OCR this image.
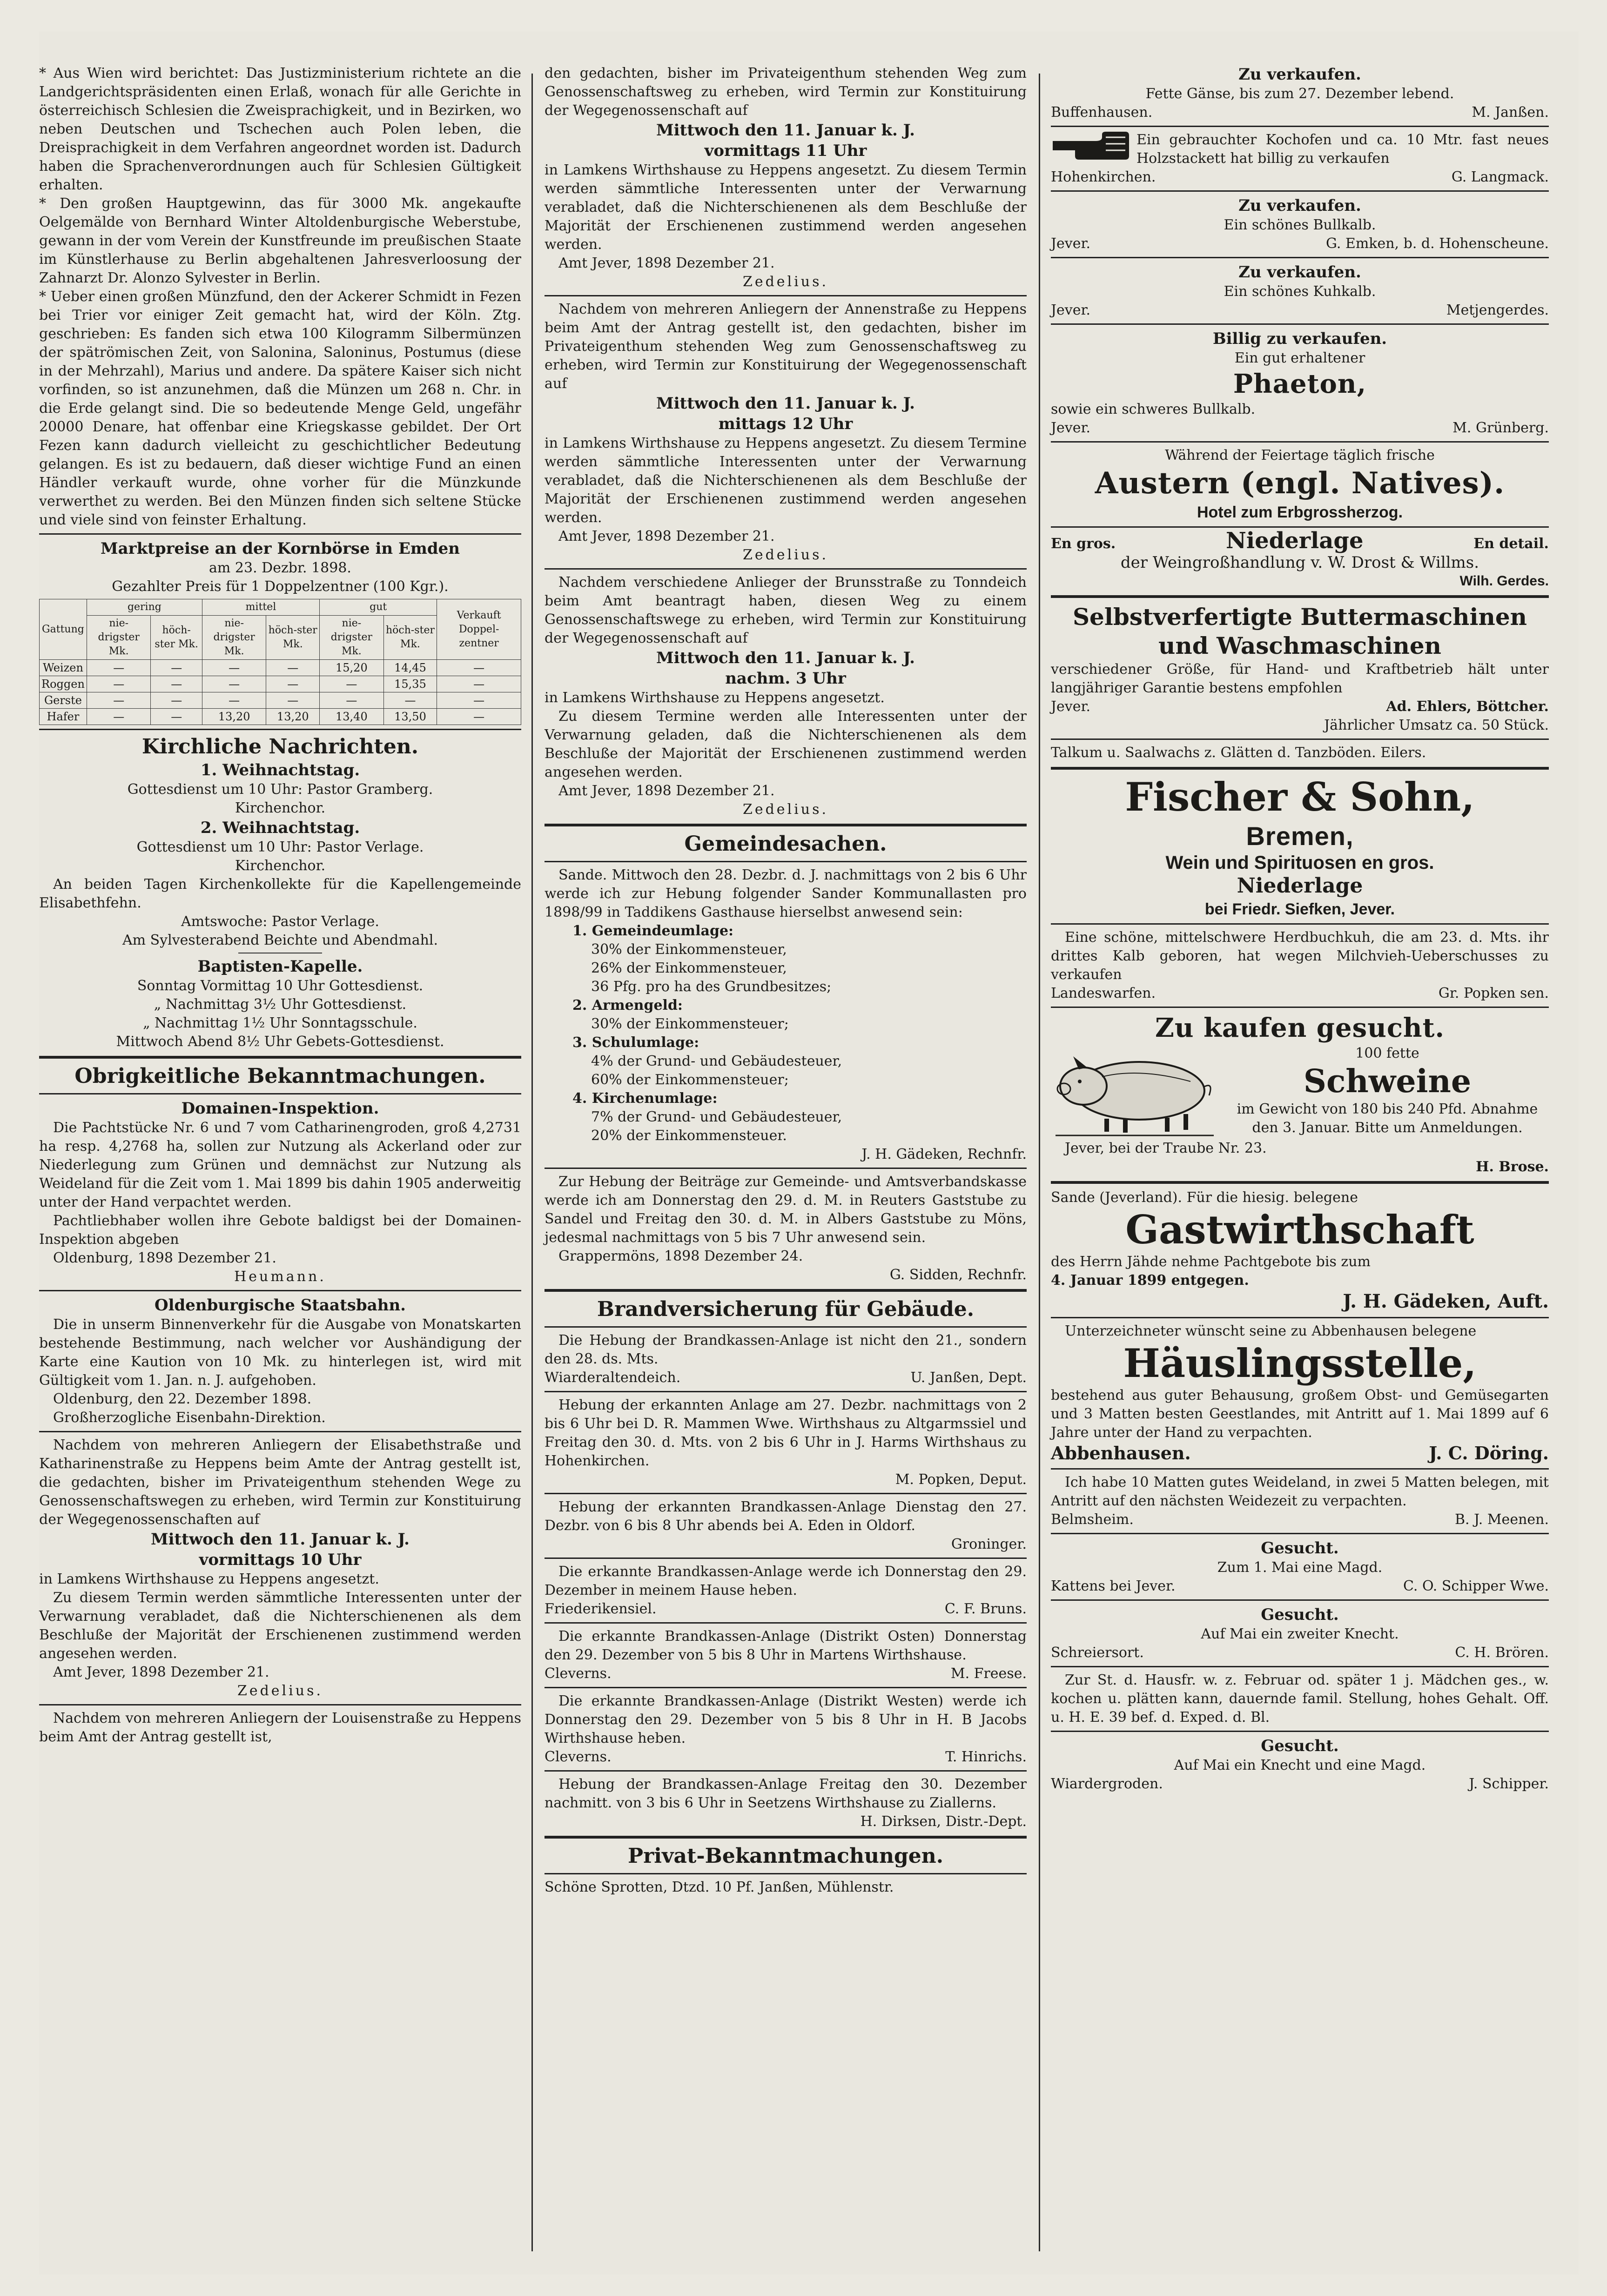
* Aus Wien wird berichtet: Das Justizministerium richtete an die Landgerichtspräsidenten einen Erlaß, wonach für alle Gerichte in österreichisch Schlesien die Zweisprachigkeit, und in Bezirken, wo neben Deutschen und Tschechen auch Polen leben, die Dreisprachigkeit in dem Verfahren angeordnet worden ist. Dadurch haben die Sprachenverordnungen auch für Schlesien Gültigkeit erhalten.

* Den großen Hauptgewinn, das für 3000 Mk. angekaufte Oelgemälde von Bernhard Winter Altoldenburgische Weberstube, gewann in der vom Verein der Kunstfreunde im preußischen Staate im Künstlerhause zu Berlin abgehaltenen Jahresverloosung der Zahnarzt Dr. Alonzo Sylvester in Berlin.

* Ueber einen großen Münzfund, den der Ackerer Schmidt in Fezen bei Trier vor einiger Zeit gemacht hat, wird der Köln. Ztg. geschrieben: Es fanden sich etwa 100 Kilogramm Silbermünzen der spätrömischen Zeit, von Salonina, Saloninus, Postumus (diese in der Mehrzahl), Marius und andere. Da spätere Kaiser sich nicht vorfinden, so ist anzunehmen, daß die Münzen um 268 n. Chr. in die Erde gelangt sind. Die so bedeutende Menge Geld, ungefähr 20000 Denare, hat offenbar eine Kriegskasse gebildet. Der Ort Fezen kann dadurch vielleicht zu geschichtlicher Bedeutung gelangen. Es ist zu bedauern, daß dieser wichtige Fund an einen Händler verkauft wurde, ohne vorher für die Münzkunde verwerthet zu werden. Bei den Münzen finden sich seltene Stücke und viele sind von feinster Erhaltung.

Marktpreise an der Kornbörse in Emden

am 23. Dezbr. 1898.

Gezahlter Preis für 1 Doppelzentner (100 Kgr.).

Gattung	gering		mittel		gut		Verkauft Doppel-zentner
	nie-drigster Mk.	höch-ster Mk.	nie-drigster Mk.	höch-ster Mk.	nie-drigster Mk.	höch-ster Mk.	
Weizen	—	—	—	—	15,20	14,45	—
Roggen	—	—	—	—	—	15,35	—
Gerste	—	—	—	—	—	—	—
Hafer	—	—	13,20	13,20	13,40	13,50	—

Kirchliche Nachrichten.

1. Weihnachtstag.

Gottesdienst um 10 Uhr: Pastor Gramberg.

Kirchenchor.

2. Weihnachtstag.

Gottesdienst um 10 Uhr: Pastor Verlage.

Kirchenchor.

An beiden Tagen Kirchenkollekte für die Kapellengemeinde Elisabethfehn.

Amtswoche: Pastor Verlage.

Am Sylvesterabend Beichte und Abendmahl.

Baptisten-Kapelle.

Sonntag Vormittag 10 Uhr Gottesdienst.

„ Nachmittag 3½ Uhr Gottesdienst.

„ Nachmittag 1½ Uhr Sonntagsschule.

Mittwoch Abend 8½ Uhr Gebets-Gottesdienst.

Obrigkeitliche Bekanntmachungen.

Domainen-Inspektion.

Die Pachtstücke Nr. 6 und 7 vom Catharinengroden, groß 4,2731 ha resp. 4,2768 ha, sollen zur Nutzung als Ackerland oder zur Niederlegung zum Grünen und demnächst zur Nutzung als Weideland für die Zeit vom 1. Mai 1899 bis dahin 1905 anderweitig unter der Hand verpachtet werden.

Pachtliebhaber wollen ihre Gebote baldigst bei der Domainen-Inspektion abgeben

Oldenburg, 1898 Dezember 21.

Heumann.

Oldenburgische Staatsbahn.

Die in unserm Binnenverkehr für die Ausgabe von Monatskarten bestehende Bestimmung, nach welcher vor Aushändigung der Karte eine Kaution von 10 Mk. zu hinterlegen ist, wird mit Gültigkeit vom 1. Jan. n. J. aufgehoben.

Oldenburg, den 22. Dezember 1898.

Großherzogliche Eisenbahn-Direktion.

Nachdem von mehreren Anliegern der Elisabethstraße und Katharinenstraße zu Heppens beim Amte der Antrag gestellt ist, die gedachten, bisher im Privateigenthum stehenden Wege zu Genossenschaftswegen zu erheben, wird Termin zur Konstituirung der Wegegenossenschaften auf

Mittwoch den 11. Januar k. J.

vormittags 10 Uhr

in Lamkens Wirthshause zu Heppens angesetzt.

Zu diesem Termin werden sämmtliche Interessenten unter der Verwarnung verabladet, daß die Nichterschienenen als dem Beschluße der Majorität der Erschienenen zustimmend werden angesehen werden.

Amt Jever, 1898 Dezember 21.

Zedelius.

Nachdem von mehreren Anliegern der Louisenstraße zu Heppens beim Amt der Antrag gestellt ist,

den gedachten, bisher im Privateigenthum stehenden Weg zum Genossenschaftsweg zu erheben, wird Termin zur Konstituirung der Wegegenossenschaft auf

Mittwoch den 11. Januar k. J.

vormittags 11 Uhr

in Lamkens Wirthshause zu Heppens angesetzt. Zu diesem Termin werden sämmtliche Interessenten unter der Verwarnung verabladet, daß die Nichterschienenen als dem Beschluße der Majorität der Erschienenen zustimmend werden angesehen werden.

Amt Jever, 1898 Dezember 21.

Zedelius.

Nachdem von mehreren Anliegern der Annenstraße zu Heppens beim Amt der Antrag gestellt ist, den gedachten, bisher im Privateigenthum stehenden Weg zum Genossenschaftsweg zu erheben, wird Termin zur Konstituirung der Wegegenossenschaft auf

Mittwoch den 11. Januar k. J.

mittags 12 Uhr

in Lamkens Wirthshause zu Heppens angesetzt. Zu diesem Termine werden sämmtliche Interessenten unter der Verwarnung verabladet, daß die Nichterschienenen als dem Beschluße der Majorität der Erschienenen zustimmend werden angesehen werden.

Amt Jever, 1898 Dezember 21.

Zedelius.

Nachdem verschiedene Anlieger der Brunsstraße zu Tonndeich beim Amt beantragt haben, diesen Weg zu einem Genossenschaftswege zu erheben, wird Termin zur Konstituirung der Wegegenossenschaft auf

Mittwoch den 11. Januar k. J.

nachm. 3 Uhr

in Lamkens Wirthshause zu Heppens angesetzt.

Zu diesem Termine werden alle Interessenten unter der Verwarnung geladen, daß die Nichterschienenen als dem Beschluße der Majorität der Erschienenen zustimmend werden angesehen werden.

Amt Jever, 1898 Dezember 21.

Zedelius.

Gemeindesachen.

Sande. Mittwoch den 28. Dezbr. d. J. nachmittags von 2 bis 6 Uhr werde ich zur Hebung folgender Sander Kommunallasten pro 1898/99 in Taddikens Gasthause hierselbst anwesend sein:

1. Gemeindeumlage:

30% der Einkommensteuer,

26% der Einkommensteuer,

36 Pfg. pro ha des Grundbesitzes;

2. Armengeld:

30% der Einkommensteuer;

3. Schulumlage:

4% der Grund- und Gebäudesteuer,

60% der Einkommensteuer;

4. Kirchenumlage:

7% der Grund- und Gebäudesteuer,

20% der Einkommensteuer.

J. H. Gädeken, Rechnfr.

Zur Hebung der Beiträge zur Gemeinde- und Amtsverbandskasse werde ich am Donnerstag den 29. d. M. in Reuters Gaststube zu Sandel und Freitag den 30. d. M. in Albers Gaststube zu Möns, jedesmal nachmittags von 5 bis 7 Uhr anwesend sein.

Grappermöns, 1898 Dezember 24.

G. Sidden, Rechnfr.

Brandversicherung für Gebäude.

Die Hebung der Brandkassen-Anlage ist nicht den 21., sondern den 28. ds. Mts.

Wiarderaltendeich.	U. Janßen, Dept.

Hebung der erkannten Anlage am 27. Dezbr. nachmittags von 2 bis 6 Uhr bei D. R. Mammen Wwe. Wirthshaus zu Altgarmssiel und Freitag den 30. d. Mts. von 2 bis 6 Uhr in J. Harms Wirthshaus zu Hohenkirchen.

M. Popken, Deput.

Hebung der erkannten Brandkassen-Anlage Dienstag den 27. Dezbr. von 6 bis 8 Uhr abends bei A. Eden in Oldorf.

Groninger.

Die erkannte Brandkassen-Anlage werde ich Donnerstag den 29. Dezember in meinem Hause heben.

Friederikensiel.	C. F. Bruns.

Die erkannte Brandkassen-Anlage (Distrikt Osten) Donnerstag den 29. Dezember von 5 bis 8 Uhr in Martens Wirthshause.

Cleverns.	M. Freese.

Die erkannte Brandkassen-Anlage (Distrikt Westen) werde ich Donnerstag den 29. Dezember von 5 bis 8 Uhr in H. B Jacobs Wirthshause heben.

Cleverns.	T. Hinrichs.

Hebung der Brandkassen-Anlage Freitag den 30. Dezember nachmitt. von 3 bis 6 Uhr in Seetzens Wirthshause zu Ziallerns.

H. Dirksen, Distr.-Dept.

Privat-Bekanntmachungen.

Schöne Sprotten, Dtzd. 10 Pf. Janßen, Mühlenstr.

Zu verkaufen.

Fette Gänse, bis zum 27. Dezember lebend.

Buffenhausen.	M. Janßen.

Ein gebrauchter Kochofen und ca. 10 Mtr. fast neues Holzstackett hat billig zu verkaufen

Hohenkirchen.	G. Langmack.

Zu verkaufen.

Ein schönes Bullkalb.

Jever.	G. Emken, b. d. Hohenscheune.

Zu verkaufen.

Ein schönes Kuhkalb.

Jever.	Metjengerdes.

Billig zu verkaufen.

Ein gut erhaltener

Phaeton,

sowie ein schweres Bullkalb.

Jever.	M. Grünberg.

Während der Feiertage täglich frische

Austern (engl. Natives).

Hotel zum Erbgrossherzog.

En gros.	Niederlage	En detail.

der Weingroßhandlung v. W. Drost & Willms.

Wilh. Gerdes.

Selbstverfertigte Buttermaschinen und Waschmaschinen

verschiedener Größe, für Hand- und Kraftbetrieb hält unter langjähriger Garantie bestens empfohlen

Jever.	Ad. Ehlers, Böttcher.

Jährlicher Umsatz ca. 50 Stück.

Talkum u. Saalwachs z. Glätten d. Tanzböden. Eilers.

Fischer & Sohn,

Bremen,

Wein und Spirituosen en gros.

Niederlage

bei Friedr. Siefken, Jever.

Eine schöne, mittelschwere Herdbuchkuh, die am 23. d. Mts. ihr drittes Kalb geboren, hat wegen Milchvieh-Ueberschusses zu verkaufen

Landeswarfen.	Gr. Popken sen.

Zu kaufen gesucht.

100 fette

Schweine

im Gewicht von 180 bis 240 Pfd. Abnahme den 3. Januar. Bitte um Anmeldungen.

Jever, bei der Traube Nr. 23.

H. Brose.

Sande (Jeverland). Für die hiesig. belegene

Gastwirthschaft

des Herrn Jähde nehme Pachtgebote bis zum

4. Januar 1899 entgegen.

J. H. Gädeken, Auft.

Unterzeichneter wünscht seine zu Abbenhausen belegene

Häuslingsstelle,

bestehend aus guter Behausung, großem Obst- und Gemüsegarten und 3 Matten besten Geestlandes, mit Antritt auf 1. Mai 1899 auf 6 Jahre unter der Hand zu verpachten.

Abbenhausen.	J. C. Döring.

Ich habe 10 Matten gutes Weideland, in zwei 5 Matten belegen, mit Antritt auf den nächsten Weidezeit zu verpachten.

Belmsheim.	B. J. Meenen.

Gesucht.

Zum 1. Mai eine Magd.

Kattens bei Jever.	C. O. Schipper Wwe.

Gesucht.

Auf Mai ein zweiter Knecht.

Schreiersort.	C. H. Brören.

Zur St. d. Hausfr. w. z. Februar od. später 1 j. Mädchen ges., w. kochen u. plätten kann, dauernde famil. Stellung, hohes Gehalt. Off. u. H. E. 39 bef. d. Exped. d. Bl.

Gesucht.

Auf Mai ein Knecht und eine Magd.

Wiardergroden.	J. Schipper.
